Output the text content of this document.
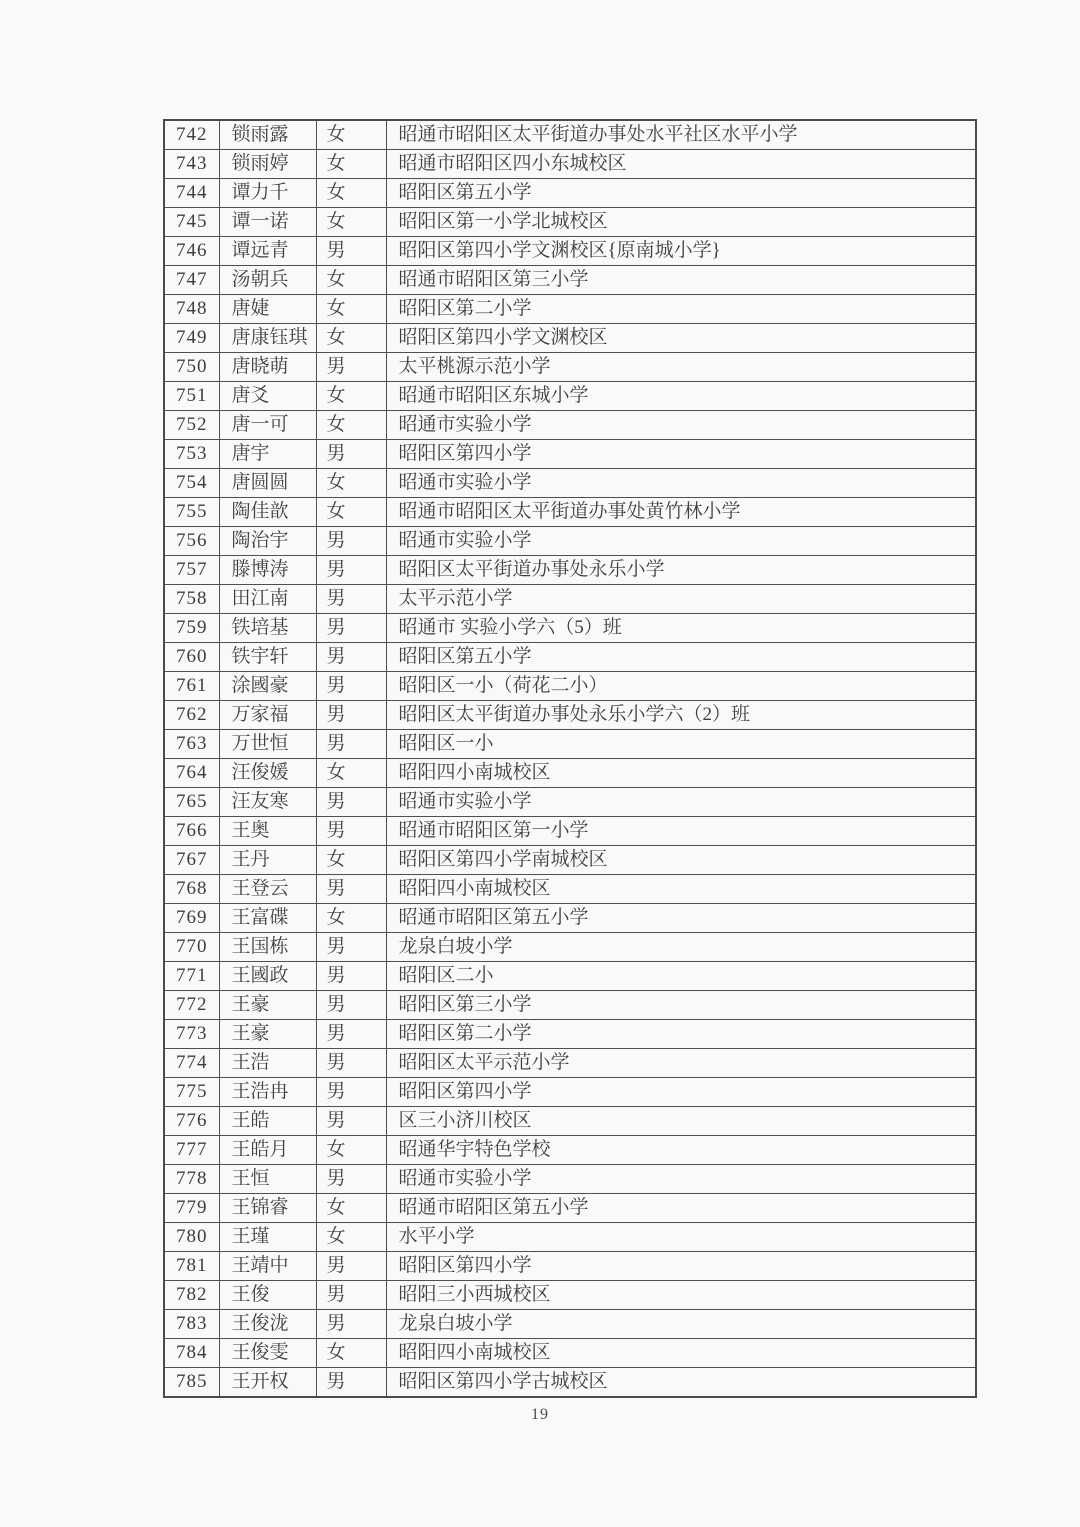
742	锁雨露	女	昭通市昭阳区太平街道办事处水平社区水平小学
743	锁雨婷	女	昭通市昭阳区四小东城校区
744	谭力千	女	昭阳区第五小学
745	谭一诺	女	昭阳区第一小学北城校区
746	谭远青	男	昭阳区第四小学文渊校区{原南城小学}
747	汤朝兵	女	昭通市昭阳区第三小学
748	唐婕	女	昭阳区第二小学
749	唐康钰琪	女	昭阳区第四小学文渊校区
750	唐晓萌	男	太平桃源示范小学
751	唐爻	女	昭通市昭阳区东城小学
752	唐一可	女	昭通市实验小学
753	唐宇	男	昭阳区第四小学
754	唐圆圆	女	昭通市实验小学
755	陶佳歆	女	昭通市昭阳区太平街道办事处黄竹林小学
756	陶治宇	男	昭通市实验小学
757	滕博涛	男	昭阳区太平街道办事处永乐小学
758	田江南	男	太平示范小学
759	铁培基	男	昭通市 实验小学六（5）班
760	铁宇轩	男	昭阳区第五小学
761	涂國豪	男	昭阳区一小（荷花二小）
762	万家福	男	昭阳区太平街道办事处永乐小学六（2）班
763	万世恒	男	昭阳区一小
764	汪俊媛	女	昭阳四小南城校区
765	汪友寒	男	昭通市实验小学
766	王奥	男	昭通市昭阳区第一小学
767	王丹	女	昭阳区第四小学南城校区
768	王登云	男	昭阳四小南城校区
769	王富碟	女	昭通市昭阳区第五小学
770	王国栋	男	龙泉白坡小学
771	王國政	男	昭阳区二小
772	王豪	男	昭阳区第三小学
773	王豪	男	昭阳区第二小学
774	王浩	男	昭阳区太平示范小学
775	王浩冉	男	昭阳区第四小学
776	王皓	男	区三小济川校区
777	王皓月	女	昭通华宇特色学校
778	王恒	男	昭通市实验小学
779	王锦睿	女	昭通市昭阳区第五小学
780	王瑾	女	水平小学
781	王靖中	男	昭阳区第四小学
782	王俊	男	昭阳三小西城校区
783	王俊泷	男	龙泉白坡小学
784	王俊雯	女	昭阳四小南城校区
785	王开权	男	昭阳区第四小学古城校区
19
